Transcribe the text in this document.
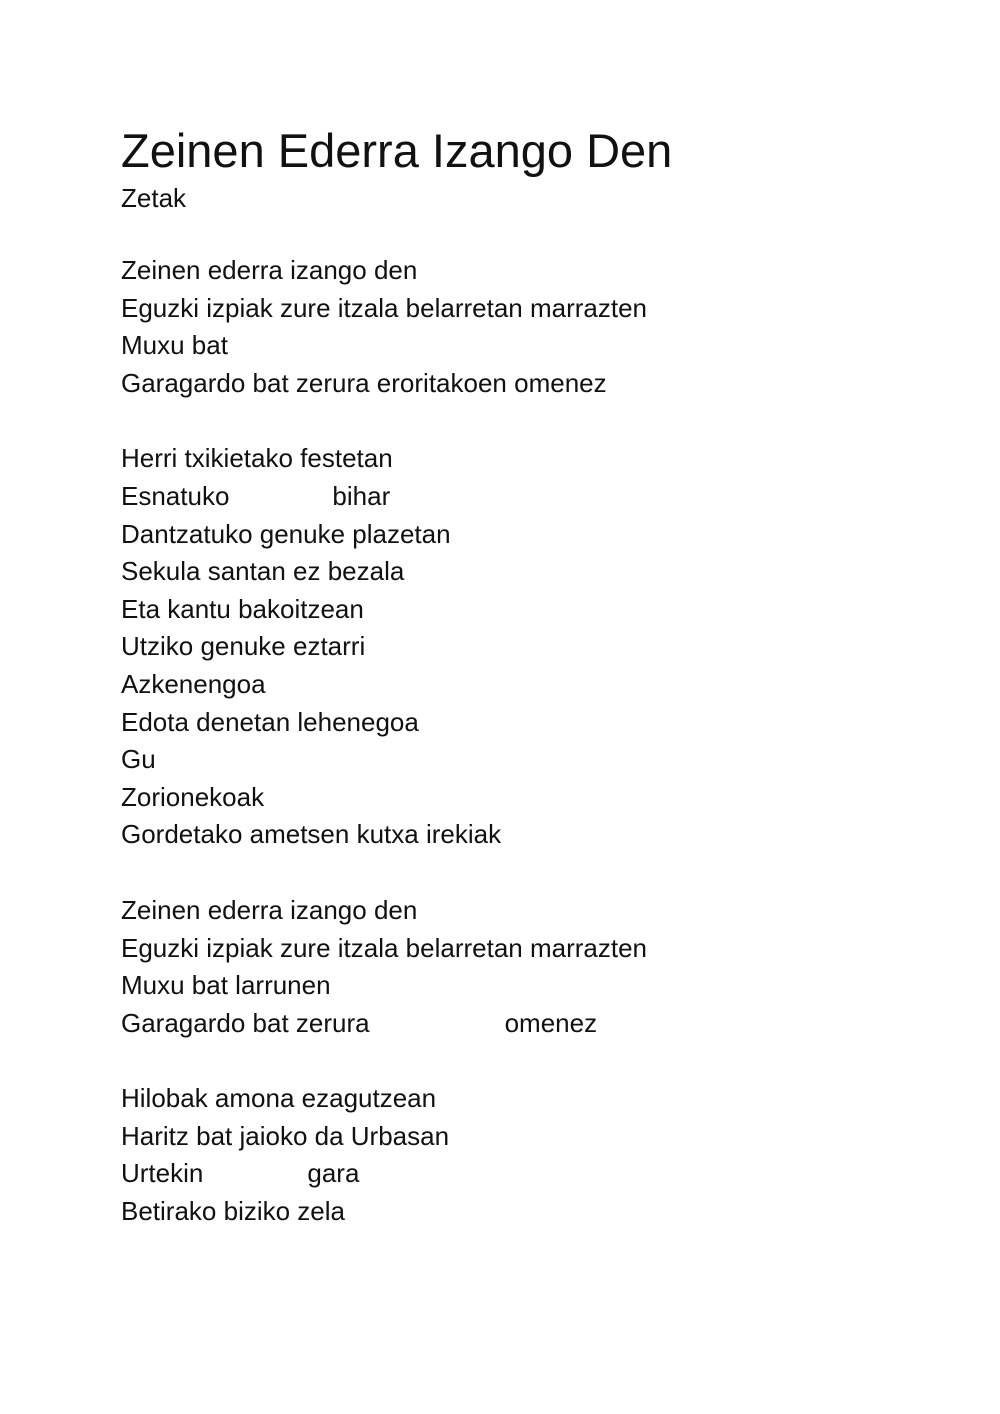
Zeinen Ederra Izango Den
Zetak
Zeinen ederra izango den
Eguzki izpiak zure itzala belarretan marrazten
Muxu bat
Garagardo bat zerura eroritakoen omenez
Herri txikietako festetan
Esnatuko	bihar
Dantzatuko genuke plazetan
Sekula santan ez bezala
Eta kantu bakoitzean
Utziko genuke eztarri
Azkenengoa
Edota denetan lehenegoa
Gu
Zorionekoak
Gordetako ametsen kutxa irekiak
Zeinen ederra izango den
Eguzki izpiak zure itzala belarretan marrazten
Muxu bat larrunen
Garagardo bat zerura	omenez
Hilobak amona ezagutzean
Haritz bat jaioko da Urbasan
Urtekin	gara
Betirako biziko zela
